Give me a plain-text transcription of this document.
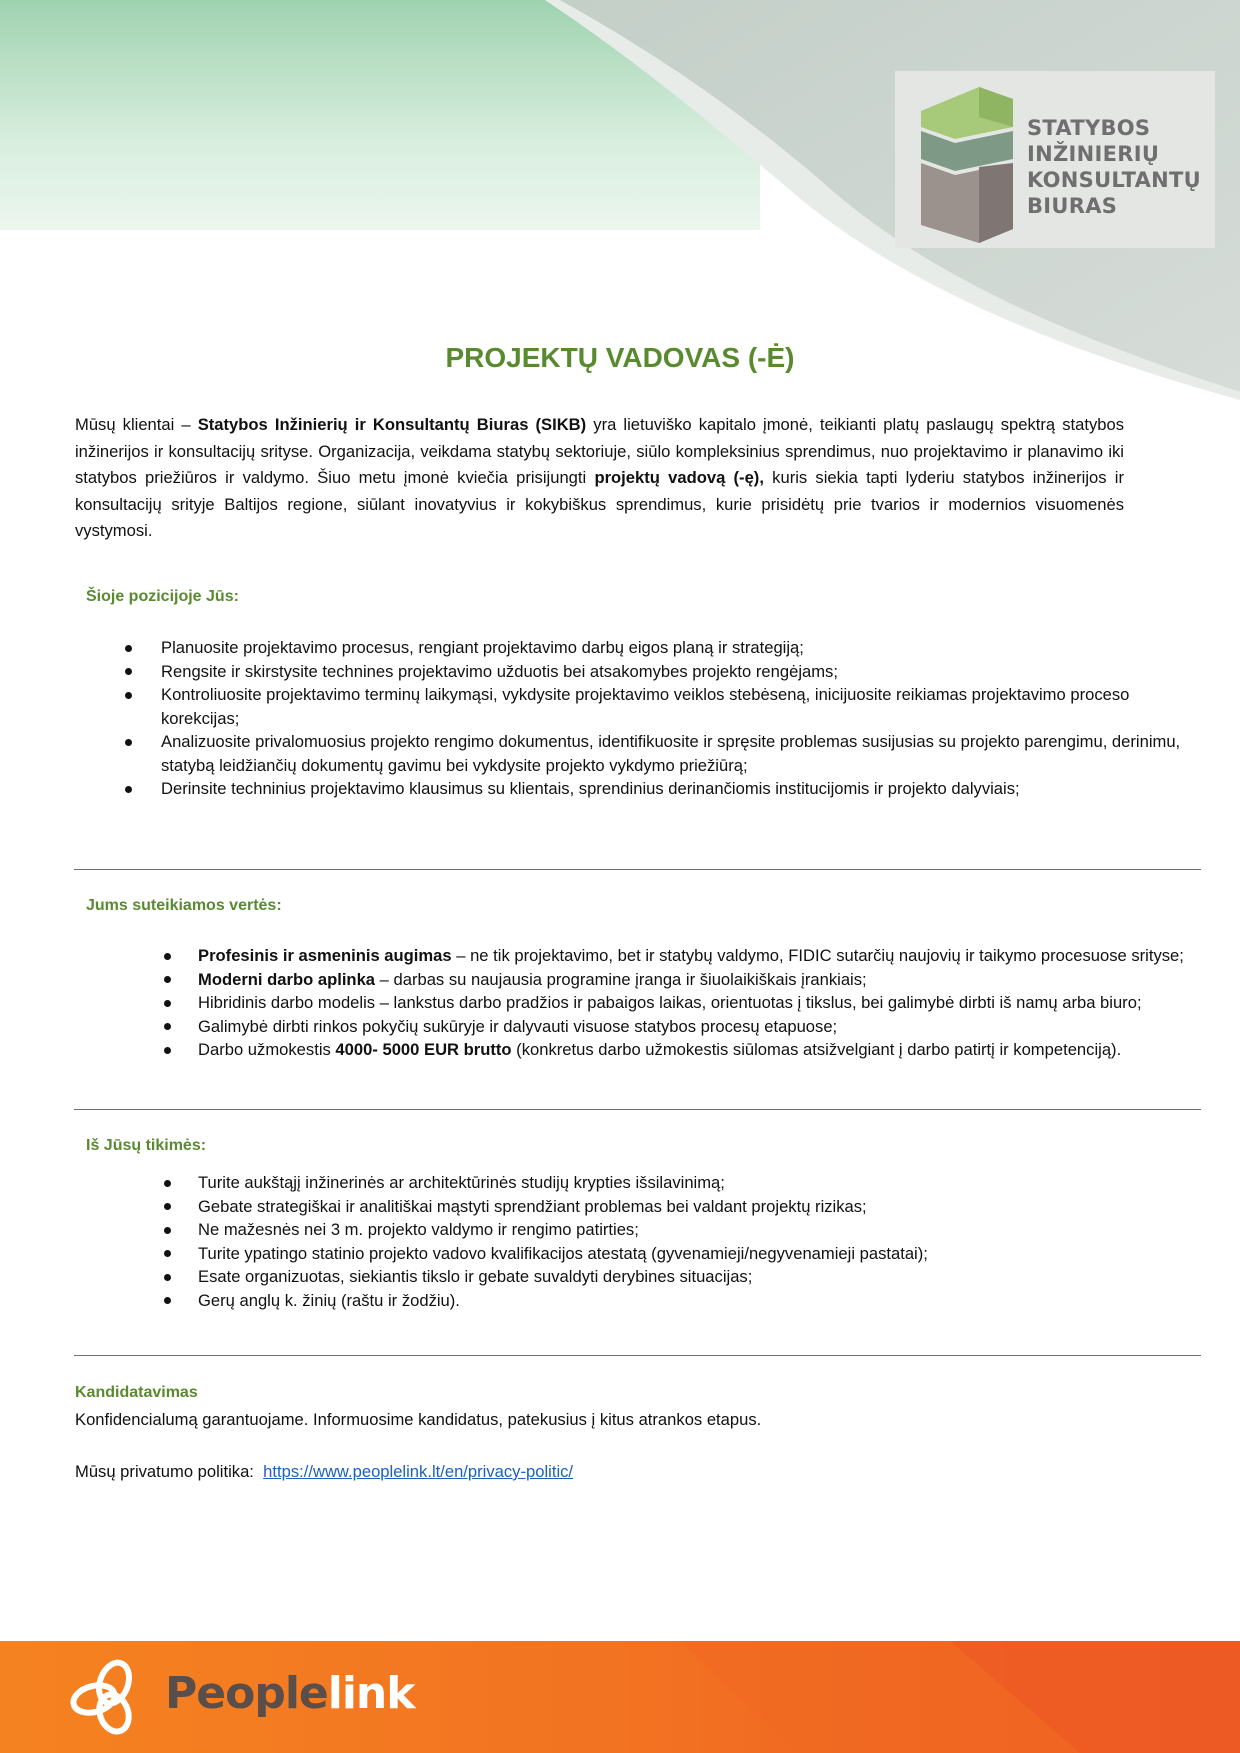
STATYBOS
INŽINIERIŲ
KONSULTANTŲ
BIURAS
PROJEKTŲ VADOVAS (-Ė)

Mūsų klientai – Statybos Inžinierių ir Konsultantų Biuras (SIKB) yra lietuviško kapitalo įmonė, teikianti platų paslaugų spektrą statybos inžinerijos ir konsultacijų srityse. Organizacija, veikdama statybų sektoriuje, siūlo kompleksinius sprendimus, nuo projektavimo ir planavimo iki statybos priežiūros ir valdymo. Šiuo metu įmonė kviečia prisijungti projektų vadovą (-ę), kuris siekia tapti lyderiu statybos inžinerijos ir konsultacijų srityje Baltijos regione, siūlant inovatyvius ir kokybiškus sprendimus, kurie prisidėtų prie tvarios ir modernios visuomenės vystymosi.

Šioje pozicijoje Jūs:
Planuosite projektavimo procesus, rengiant projektavimo darbų eigos planą ir strategiją;
Rengsite ir skirstysite technines projektavimo užduotis bei atsakomybes projekto rengėjams;
Kontroliuosite projektavimo terminų laikymąsi, vykdysite projektavimo veiklos stebėseną, inicijuosite reikiamas projektavimo proceso korekcijas;
Analizuosite privalomuosius projekto rengimo dokumentus, identifikuosite ir spręsite problemas susijusias su projekto parengimu, derinimu, statybą leidžiančių dokumentų gavimu bei vykdysite projekto vykdymo priežiūrą;
Derinsite techninius projektavimo klausimus su klientais, sprendinius derinančiomis institucijomis ir projekto dalyviais;
Jums suteikiamos vertės:
Profesinis ir asmeninis augimas – ne tik projektavimo, bet ir statybų valdymo, FIDIC sutarčių naujovių ir taikymo procesuose srityse;
Moderni darbo aplinka – darbas su naujausia programine įranga ir šiuolaikiškais įrankiais;
Hibridinis darbo modelis – lankstus darbo pradžios ir pabaigos laikas, orientuotas į tikslus, bei galimybė dirbti iš namų arba biuro;
Galimybė dirbti rinkos pokyčių sukūryje ir dalyvauti visuose statybos procesų etapuose;
Darbo užmokestis 4000- 5000 EUR brutto (konkretus darbo užmokestis siūlomas atsižvelgiant į darbo patirtį ir kompetenciją).
Iš Jūsų tikimės:
Turite aukštąjį inžinerinės ar architektūrinės studijų krypties išsilavinimą;
Gebate strategiškai ir analitiškai mąstyti sprendžiant problemas bei valdant projektų rizikas;
Ne mažesnės nei 3 m. projekto valdymo ir rengimo patirties;
Turite ypatingo statinio projekto vadovo kvalifikacijos atestatą (gyvenamieji/negyvenamieji pastatai);
Esate organizuotas, siekiantis tikslo ir gebate suvaldyti derybines situacijas;
Gerų anglų k. žinių (raštu ir žodžiu).
Kandidatavimas
Konfidencialumą garantuojame. Informuosime kandidatus, patekusius į kitus atrankos etapus.
Mūsų privatumo politika: https://www.peoplelink.lt/en/privacy-politic/
Peoplelink
